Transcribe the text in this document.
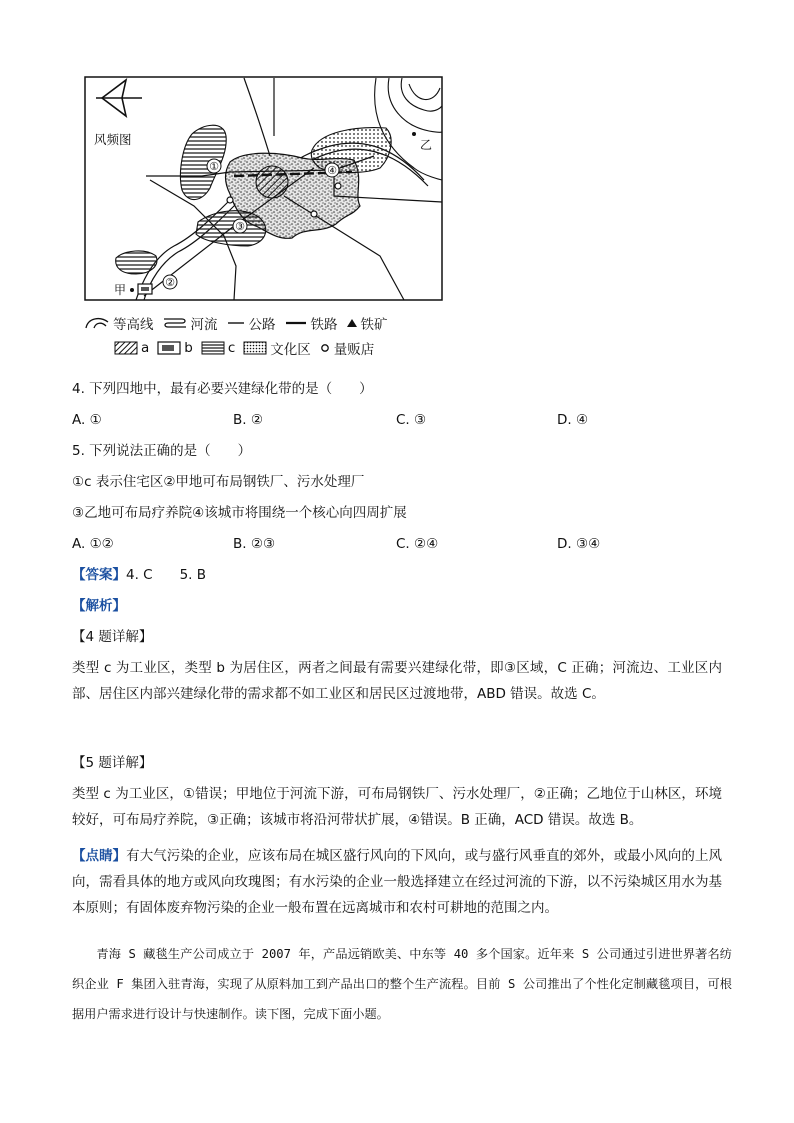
风频图	乙
①
②
③
④
甲
等高线	河流 公路	铁路 铁矿
a	b	c	文化区 量贩店
4. 下列四地中，最有必要兴建绿化带的是（　　）
A. ①	B. ②	C. ③	D. ④
5. 下列说法正确的是（　　）
①c 表示住宅区②甲地可布局钢铁厂、污水处理厂
③乙地可布局疗养院④该城市将围绕一个核心向四周扩展
A. ①②	B. ②③	C. ②④	D. ③④
【答案】4. C　　5. B
【解析】
【4 题详解】
类型 c 为工业区，类型 b 为居住区，两者之间最有需要兴建绿化带，即③区域，C 正确；河流边、工业区内部、居住区内部兴建绿化带的需求都不如工业区和居民区过渡地带，ABD 错误。故选 C。
【5 题详解】
类型 c 为工业区，①错误；甲地位于河流下游，可布局钢铁厂、污水处理厂，②正确；乙地位于山林区，环境较好，可布局疗养院，③正确；该城市将沿河带状扩展，④错误。B 正确，ACD 错误。故选 B。
【点睛】有大气污染的企业，应该布局在城区盛行风向的下风向，或与盛行风垂直的郊外，或最小风向的上风向，需看具体的地方或风向玫瑰图；有水污染的企业一般选择建立在经过河流的下游，以不污染城区用水为基本原则；有固体废弃物污染的企业一般布置在远离城市和农村可耕地的范围之内。
青海 S 藏毯生产公司成立于 2007 年，产品远销欧美、中东等 40 多个国家。近年来 S 公司通过引进世界著名纺织企业 F 集团入驻青海，实现了从原料加工到产品出口的整个生产流程。目前 S 公司推出了个性化定制藏毯项目，可根据用户需求进行设计与快速制作。读下图，完成下面小题。
